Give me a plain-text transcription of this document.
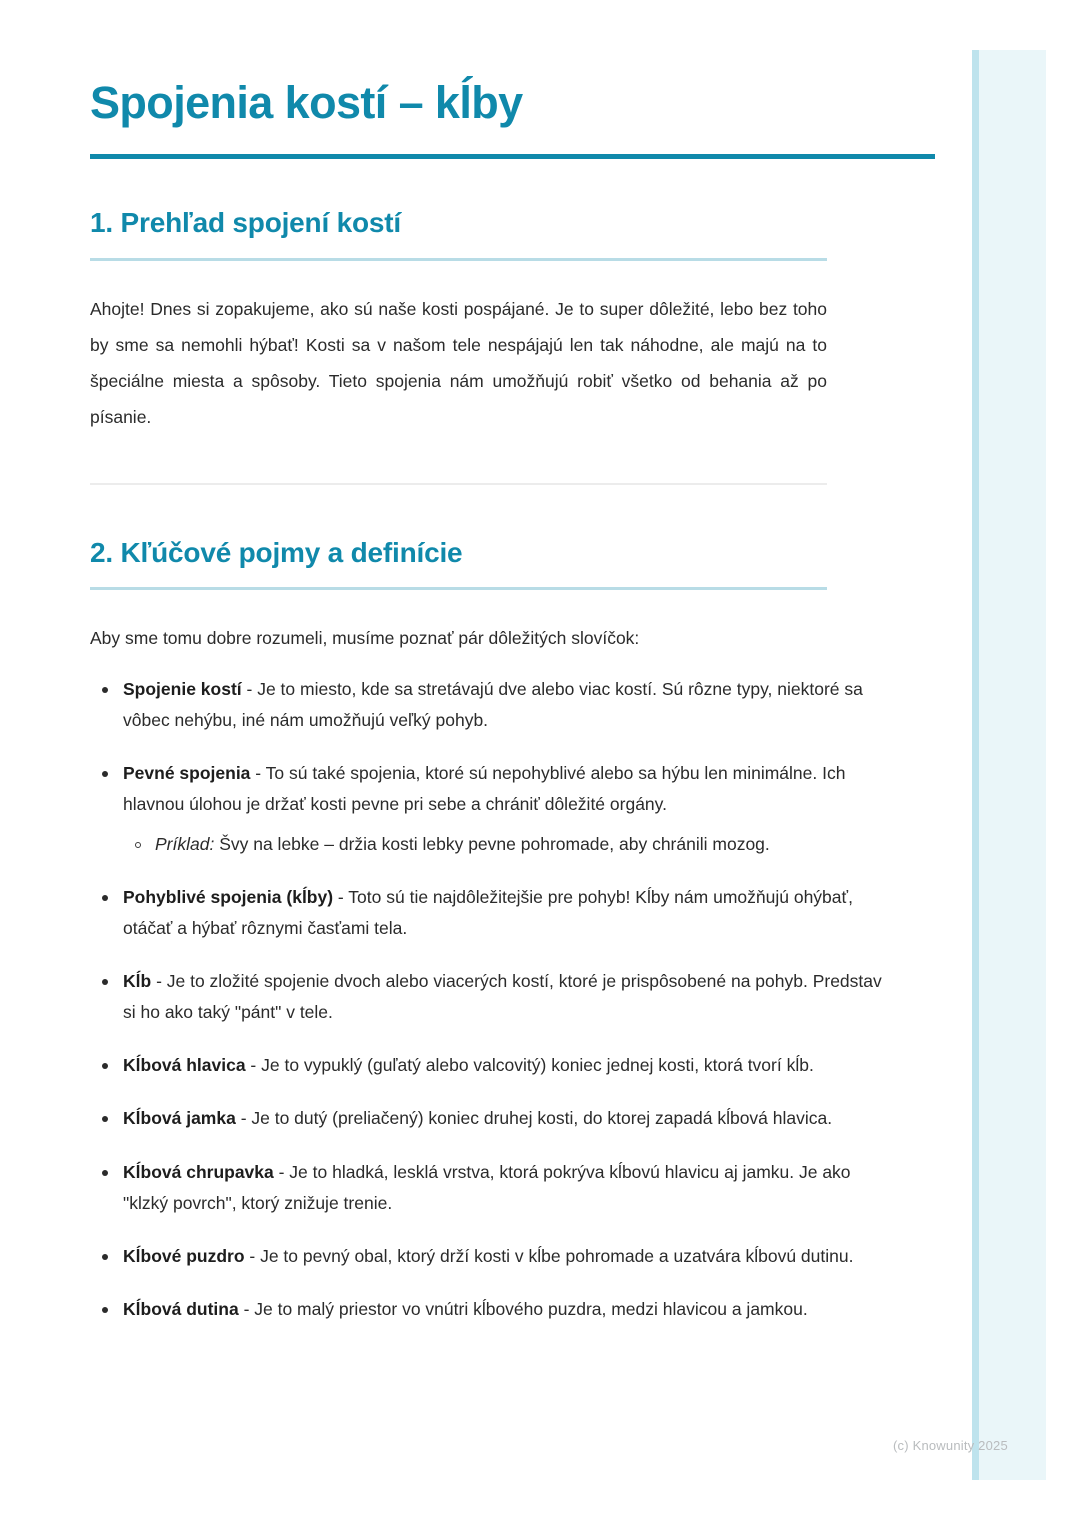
Spojenia kostí – kĺby
1. Prehľad spojení kostí

Ahojte! Dnes si zopakujeme, ako sú naše kosti pospájané. Je to super dôležité, lebo bez toho by sme sa nemohli hýbať! Kosti sa v našom tele nespájajú len tak náhodne, ale majú na to špeciálne miesta a spôsoby. Tieto spojenia nám umožňujú robiť všetko od behania až po písanie.

2. Kľúčové pojmy a definície

Aby sme tomu dobre rozumeli, musíme poznať pár dôležitých slovíčok:

Spojenie kostí - Je to miesto, kde sa stretávajú dve alebo viac kostí. Sú rôzne typy, niektoré sa vôbec nehýbu, iné nám umožňujú veľký pohyb.
Pevné spojenia - To sú také spojenia, ktoré sú nepohyblivé alebo sa hýbu len minimálne. Ich hlavnou úlohou je držať kosti pevne pri sebe a chrániť dôležité orgány.
Príklad: Švy na lebke – držia kosti lebky pevne pohromade, aby chránili mozog.
Pohyblivé spojenia (kĺby) - Toto sú tie najdôležitejšie pre pohyb! Kĺby nám umožňujú ohýbať, otáčať a hýbať rôznymi časťami tela.
Kĺb - Je to zložité spojenie dvoch alebo viacerých kostí, ktoré je prispôsobené na pohyb. Predstav si ho ako taký "pánt" v tele.
Kĺbová hlavica - Je to vypuklý (guľatý alebo valcovitý) koniec jednej kosti, ktorá tvorí kĺb.
Kĺbová jamka - Je to dutý (preliačený) koniec druhej kosti, do ktorej zapadá kĺbová hlavica.
Kĺbová chrupavka - Je to hladká, lesklá vrstva, ktorá pokrýva kĺbovú hlavicu aj jamku. Je ako "klzký povrch", ktorý znižuje trenie.
Kĺbové puzdro - Je to pevný obal, ktorý drží kosti v kĺbe pohromade a uzatvára kĺbovú dutinu.
Kĺbová dutina - Je to malý priestor vo vnútri kĺbového puzdra, medzi hlavicou a jamkou.
(c) Knowunity 2025
